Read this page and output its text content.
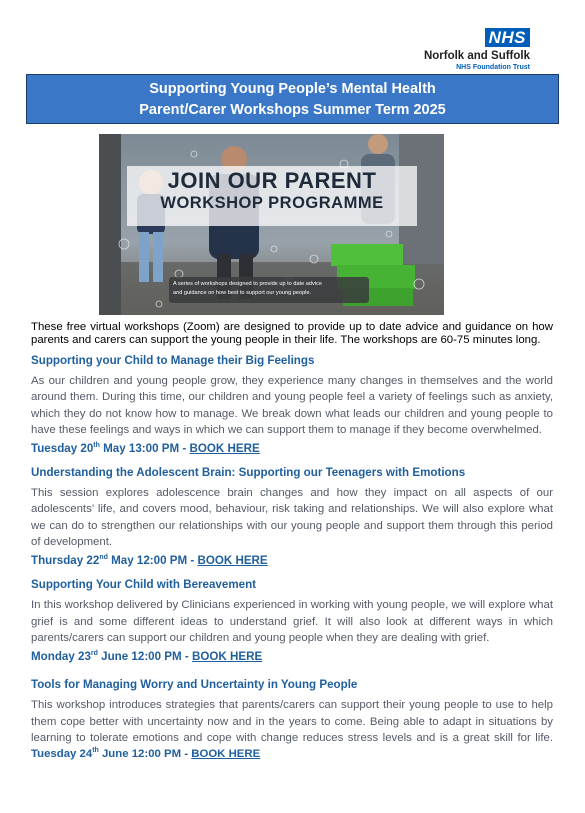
NHS
Norfolk and Suffolk
NHS Foundation Trust
Supporting Young People’s Mental Health
Parent/Carer Workshops Summer Term 2025
JOIN OUR PARENT
WORKSHOP PROGRAMME
A series of workshops designed to provide up to date advice
and guidance on how best to support our young people.

These free virtual workshops (Zoom) are designed to provide up to date advice and guidance on how parents and carers can support the young people in their life. The workshops are 60-75 minutes long.

Supporting your Child to Manage their Big Feelings

As our children and young people grow, they experience many changes in themselves and the world around them. During this time, our children and young people feel a variety of feelings such as anxiety, which they do not know how to manage. We break down what leads our children and young people to have these feelings and ways in which we can support them to manage if they become overwhelmed.

Tuesday 20th May 13:00 PM - BOOK HERE

Understanding the Adolescent Brain: Supporting our Teenagers with Emotions

This session explores adolescence brain changes and how they impact on all aspects of our adolescents’ life, and covers mood, behaviour, risk taking and relationships. We will also explore what we can do to strengthen our relationships with our young people and support them through this period of development.

Thursday 22nd May 12:00 PM - BOOK HERE

Supporting Your Child with Bereavement

In this workshop delivered by Clinicians experienced in working with young people, we will explore what grief is and some different ideas to understand grief. It will also look at different ways in which parents/carers can support our children and young people when they are dealing with grief.

Monday 23rd June 12:00 PM - BOOK HERE

Tools for Managing Worry and Uncertainty in Young People

This workshop introduces strategies that parents/carers can support their young people to use to help them cope better with uncertainty now and in the years to come. Being able to adapt in situations by learning to tolerate emotions and cope with change reduces stress levels and is a great skill for life. Tuesday 24th June 12:00 PM - BOOK HERE
